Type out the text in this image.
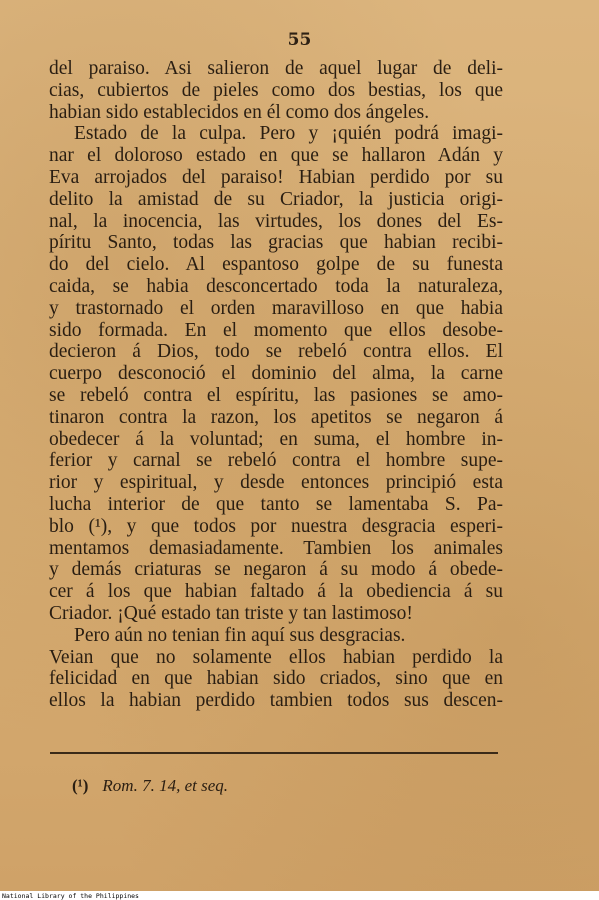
55
del paraiso. Asi salieron de aquel lugar de deli-
cias, cubiertos de pieles como dos bestias, los que
habian sido establecidos en él como dos ángeles.
Estado de la culpa. Pero y ¡quién podrá imagi-
nar el doloroso estado en que se hallaron Adán y
Eva arrojados del paraiso! Habian perdido por su
delito la amistad de su Criador, la justicia origi-
nal, la inocencia, las virtudes, los dones del Es-
píritu Santo, todas las gracias que habian recibi-
do del cielo. Al espantoso golpe de su funesta
caida, se habia desconcertado toda la naturaleza,
y trastornado el orden maravilloso en que habia
sido formada. En el momento que ellos desobe-
decieron á Dios, todo se rebeló contra ellos. El
cuerpo desconoció el dominio del alma, la carne
se rebeló contra el espíritu, las pasiones se amo-
tinaron contra la razon, los apetitos se negaron á
obedecer á la voluntad; en suma, el hombre in-
ferior y carnal se rebeló contra el hombre supe-
rior y espiritual, y desde entonces principió esta
lucha interior de que tanto se lamentaba S. Pa-
blo (¹), y que todos por nuestra desgracia esperi-
mentamos demasiadamente. Tambien los animales
y demás criaturas se negaron á su modo á obede-
cer á los que habian faltado á la obediencia á su
Criador. ¡Qué estado tan triste y tan lastimoso!
Pero aún no tenian fin aquí sus desgracias.
Veian que no solamente ellos habian perdido la
felicidad en que habian sido criados, sino que en
ellos la habian perdido tambien todos sus descen-
(¹) Rom. 7. 14, et seq.
National Library of the Philippines
